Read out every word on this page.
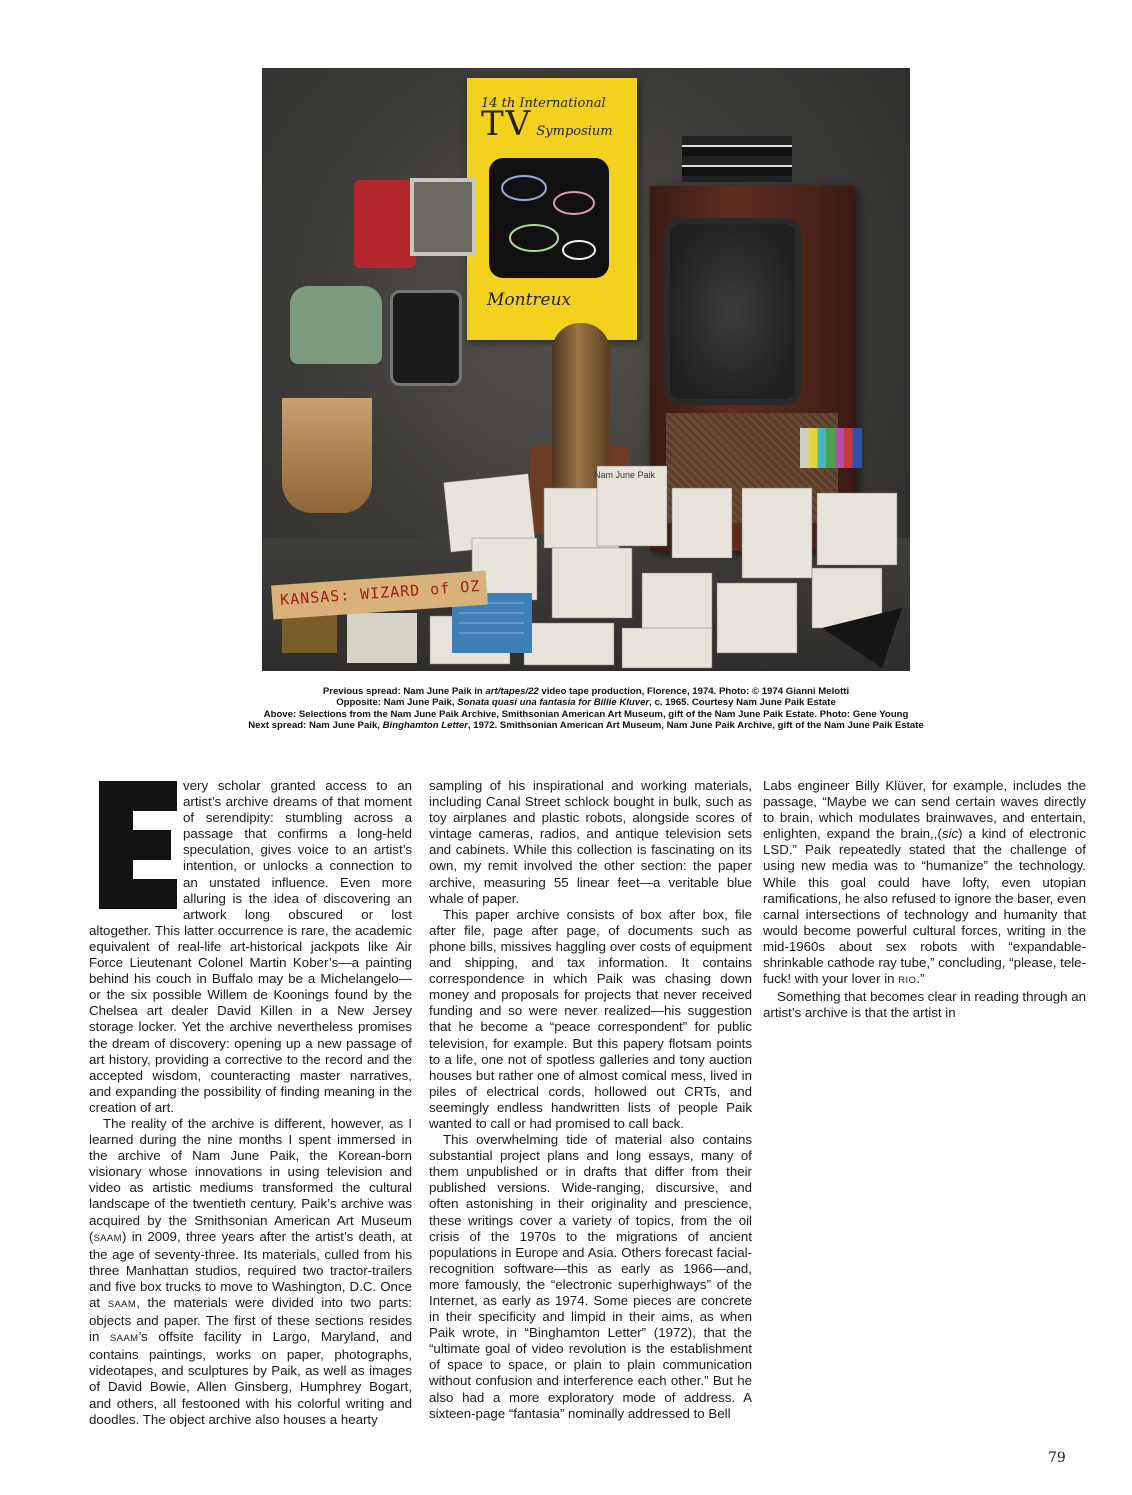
14 th International
TV Symposium
Montreux
Nam June Paik
KANSAS: WIZARD of OZ

Previous spread: Nam June Paik in art/tapes/22 video tape production, Florence, 1974. Photo: © 1974 Gianni Melotti

Opposite: Nam June Paik, Sonata quasi una fantasia for Billie Kluver, c. 1965. Courtesy Nam June Paik Estate

Above: Selections from the Nam June Paik Archive, Smithsonian American Art Museum, gift of the Nam June Paik Estate. Photo: Gene Young

Next spread: Nam June Paik, Binghamton Letter, 1972. Smithsonian American Art Museum, Nam June Paik Archive, gift of the Nam June Paik Estate

very scholar granted access to an artist’s archive dreams of that moment of serendipity: stumbling across a passage that confirms a long-held speculation, gives voice to an artist’s intention, or unlocks a connection to an unstated influence. Even more alluring is the idea of discovering an artwork long obscured or lost altogether. This latter occurrence is rare, the academic equivalent of real-life art-historical jackpots like Air Force Lieutenant Colonel Martin Kober’s—a painting behind his couch in Buffalo may be a Michelangelo—or the six possible Willem de Koonings found by the Chelsea art dealer David Killen in a New Jersey storage locker. Yet the archive nevertheless promises the dream of discovery: opening up a new passage of art history, providing a corrective to the record and the accepted wisdom, counteracting master narratives, and expanding the possibility of finding meaning in the creation of art.

The reality of the archive is different, however, as I learned during the nine months I spent immersed in the archive of Nam June Paik, the Korean-born visionary whose innovations in using television and video as artistic mediums transformed the cultural landscape of the twentieth century. Paik’s archive was acquired by the Smithsonian American Art Museum (SAAM) in 2009, three years after the artist’s death, at the age of seventy-three. Its materials, culled from his three Manhattan studios, required two tractor-trailers and five box trucks to move to Washington, D.C. Once at SAAM, the materials were divided into two parts: objects and paper. The first of these sections resides in SAAM’s offsite facility in Largo, Maryland, and contains paintings, works on paper, photographs, videotapes, and sculptures by Paik, as well as images of David Bowie, Allen Ginsberg, Humphrey Bogart, and others, all festooned with his colorful writing and doodles. The object archive also houses a hearty

sampling of his inspirational and working materials, including Canal Street schlock bought in bulk, such as toy airplanes and plastic robots, alongside scores of vintage cameras, radios, and antique television sets and cabinets. While this collection is fascinating on its own, my remit involved the other section: the paper archive, measuring 55 linear feet—a veritable blue whale of paper.

This paper archive consists of box after box, file after file, page after page, of documents such as phone bills, missives haggling over costs of equipment and shipping, and tax information. It contains correspondence in which Paik was chasing down money and proposals for projects that never received funding and so were never realized—his suggestion that he become a “peace correspondent” for public television, for example. But this papery flotsam points to a life, one not of spotless galleries and tony auction houses but rather one of almost comical mess, lived in piles of electrical cords, hollowed out CRTs, and seemingly endless handwritten lists of people Paik wanted to call or had promised to call back.

This overwhelming tide of material also contains substantial project plans and long essays, many of them unpublished or in drafts that differ from their published versions. Wide-ranging, discursive, and often astonishing in their originality and prescience, these writings cover a variety of topics, from the oil crisis of the 1970s to the migrations of ancient populations in Europe and Asia. Others forecast facial-recognition software—this as early as 1966—and, more famously, the “electronic superhighways” of the Internet, as early as 1974. Some pieces are concrete in their specificity and limpid in their aims, as when Paik wrote, in “Binghamton Letter” (1972), that the “ultimate goal of video revolution is the establishment of space to space, or plain to plain communication without confusion and interference each other.” But he also had a more exploratory mode of address. A sixteen-page “fantasia” nominally addressed to Bell

Labs engineer Billy Klüver, for example, includes the passage, “Maybe we can send certain waves directly to brain, which modulates brainwaves, and entertain, enlighten, expand the brain,,(sic) a kind of electronic LSD.” Paik repeatedly stated that the challenge of using new media was to “humanize” the technology. While this goal could have lofty, even utopian ramifications, he also refused to ignore the baser, even carnal intersections of technology and humanity that would become powerful cultural forces, writing in the mid-1960s about sex robots with “expandable-shrinkable cathode ray tube,” concluding, “please, tele-fuck! with your lover in RIO.”

Something that becomes clear in reading through an artist’s archive is that the artist in

79
